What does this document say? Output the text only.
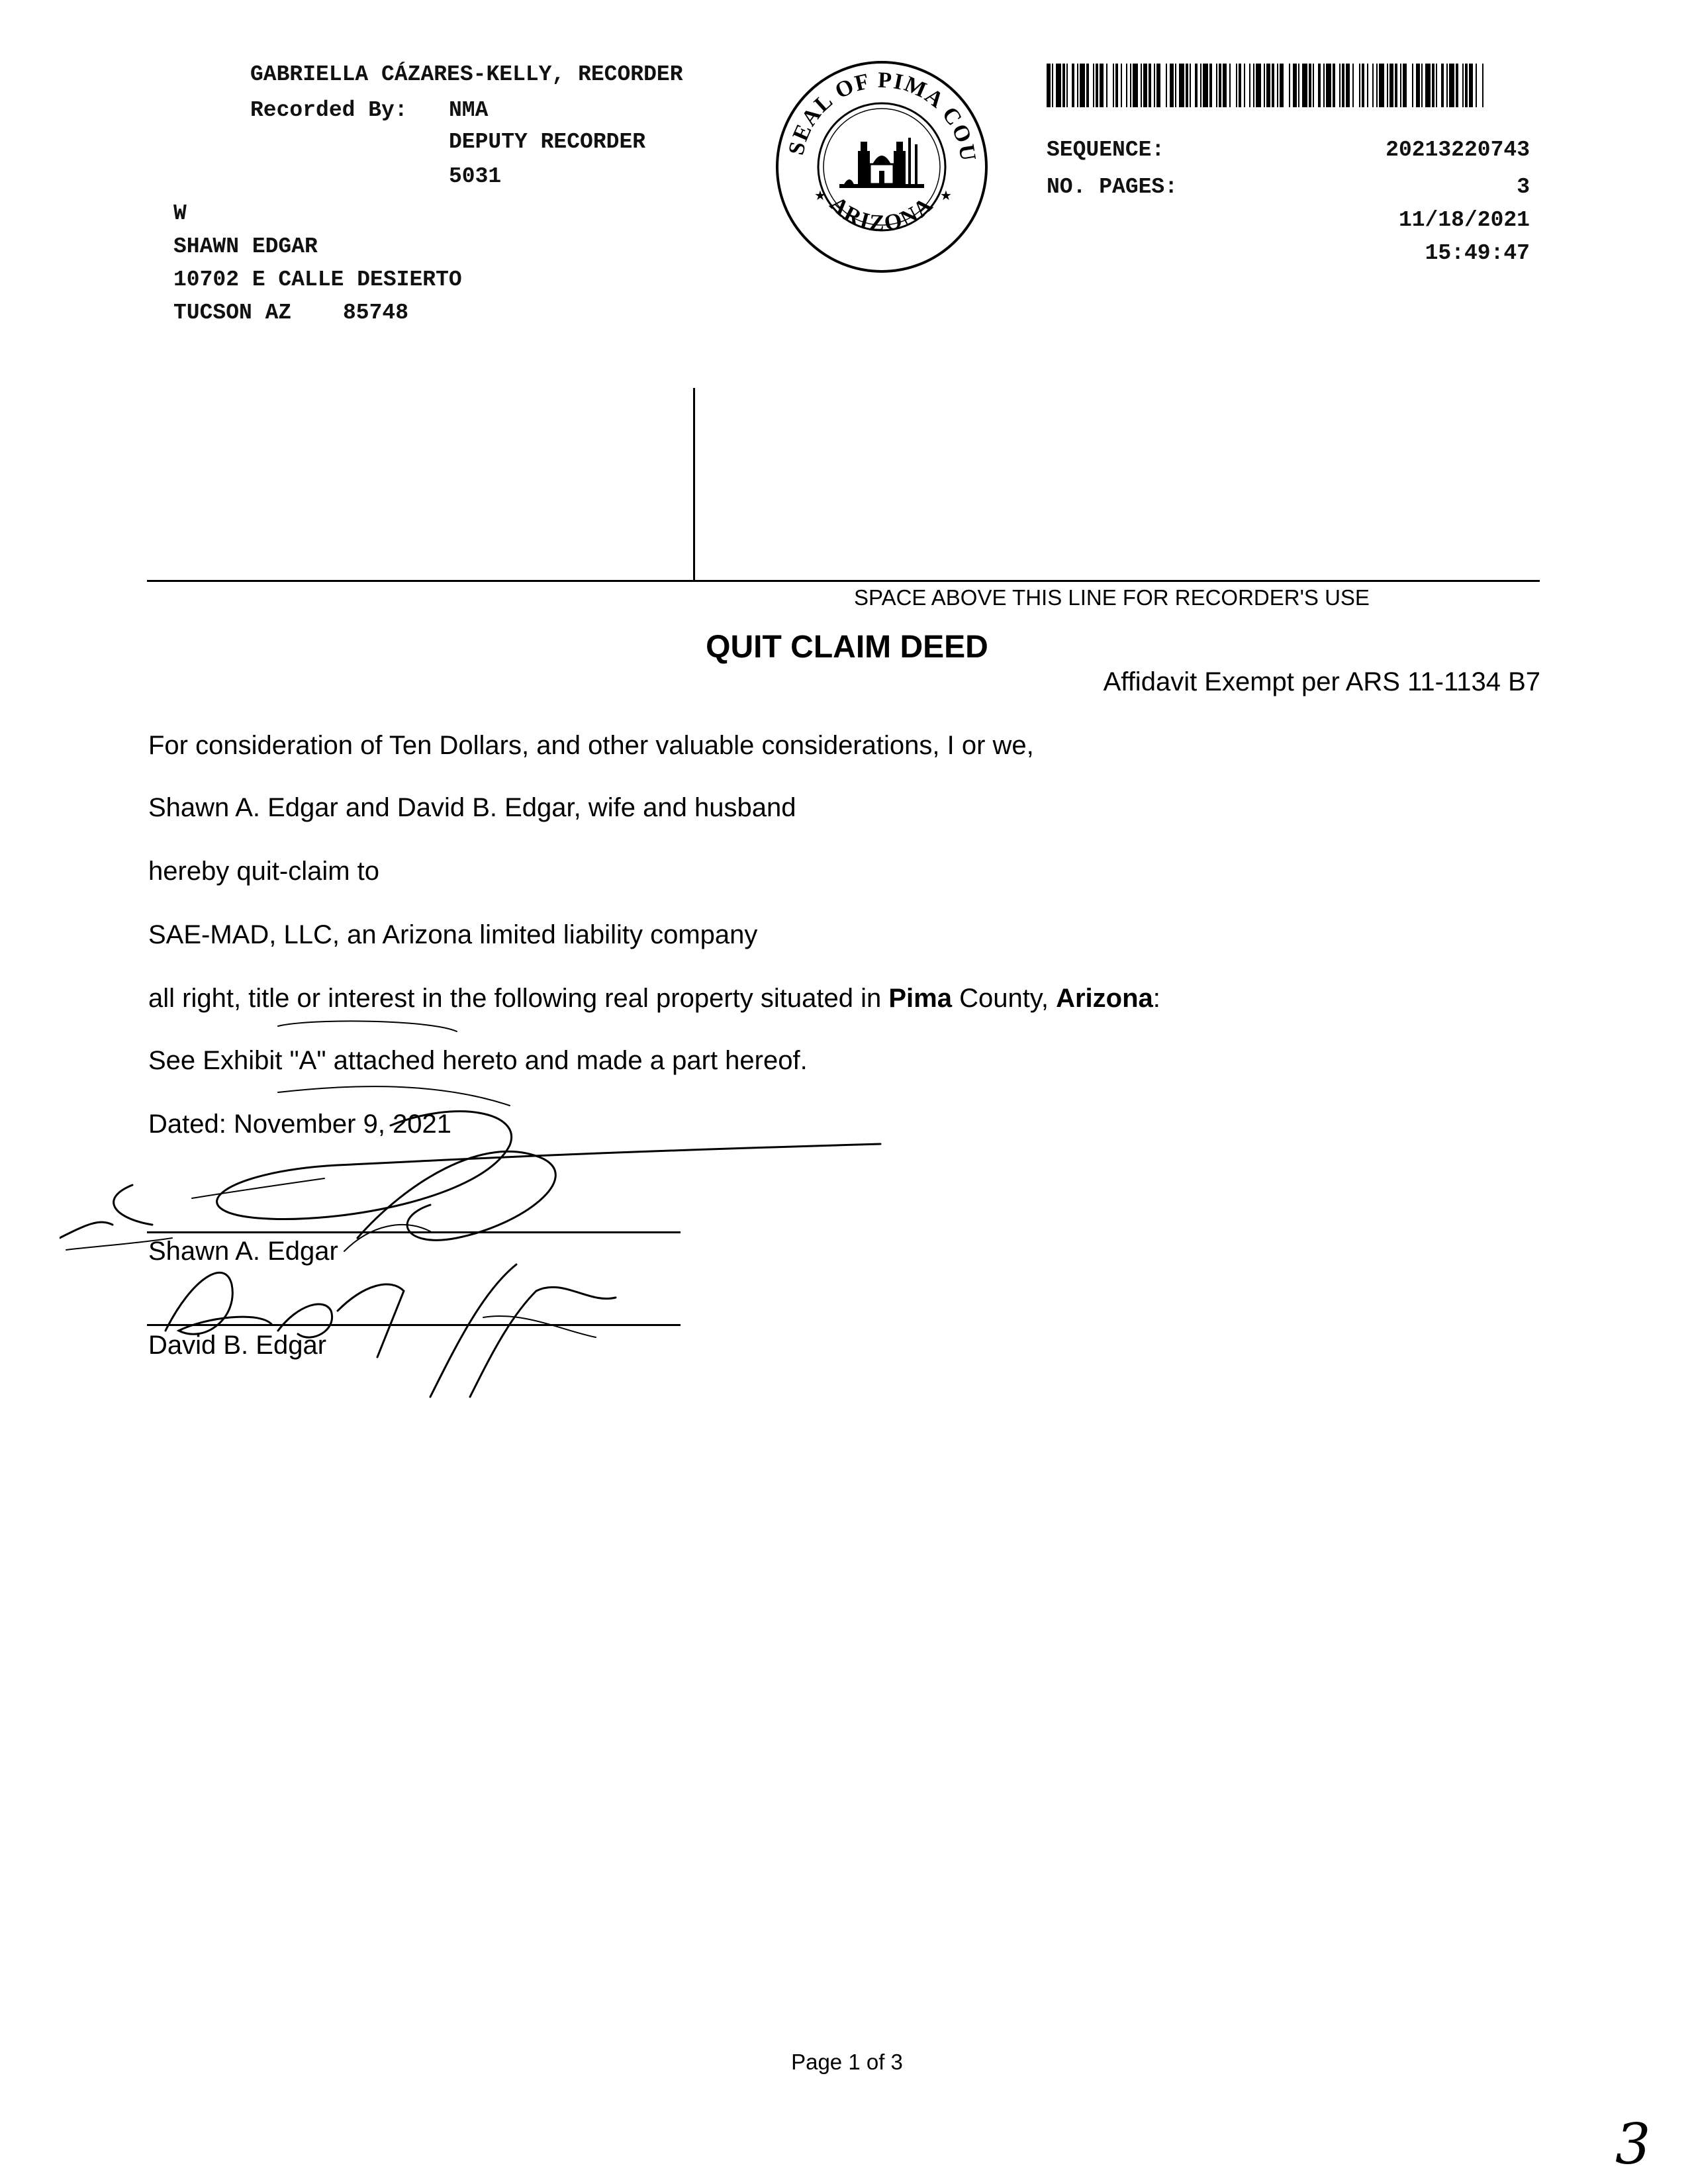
GABRIELLA CÁZARES-KELLY, RECORDER
Recorded By: NMA
DEPUTY RECORDER
5031
W
SHAWN EDGAR
10702 E CALLE DESIERTO
TUCSON AZ 85748
SEAL OF PIMA COU
ARIZONA
★	★
SEQUENCE:	20213220743
NO. PAGES:	3
11/18/2021
15:49:47
SPACE ABOVE THIS LINE FOR RECORDER'S USE
QUIT CLAIM DEED
Affidavit Exempt per ARS 11-1134 B7
For consideration of Ten Dollars, and other valuable considerations, I or we,
Shawn A. Edgar and David B. Edgar, wife and husband
hereby quit-claim to
SAE-MAD, LLC, an Arizona limited liability company
all right, title or interest in the following real property situated in Pima County, Arizona:
See Exhibit "A" attached hereto and made a part hereof.
Dated: November 9, 2021
Shawn A. Edgar
David B. Edgar
Page 1 of 3
3
